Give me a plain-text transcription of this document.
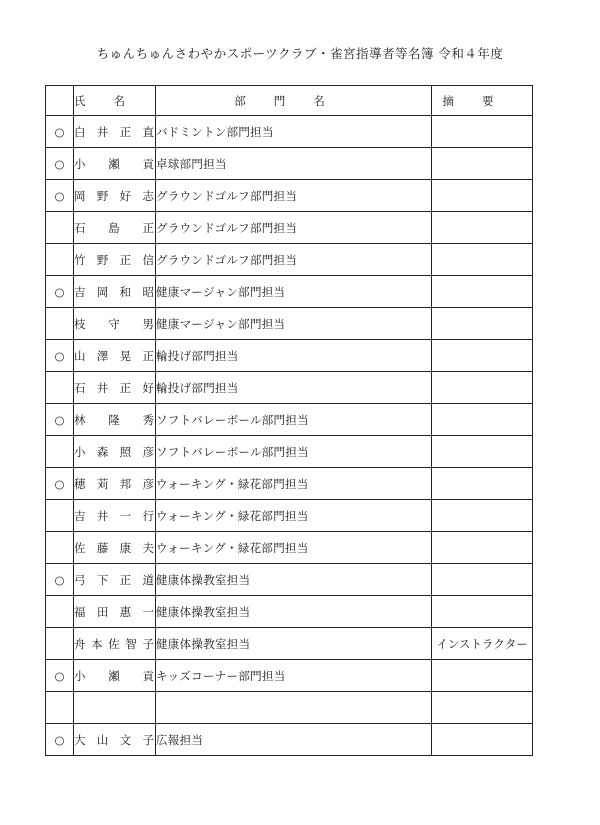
ちゅんちゅんさわやかスポーツクラブ・雀宮指導者等名簿 令和４年度
	氏名	部門名	摘要
○	白井正直	バドミントン部門担当	
○	小瀬貢	卓球部門担当	
○	岡野好志	グラウンドゴルフ部門担当	
	石島正	グラウンドゴルフ部門担当	
	竹野正信	グラウンドゴルフ部門担当	
○	吉岡和昭	健康マージャン部門担当	
	枝守男	健康マージャン部門担当	
○	山澤晃正	輪投げ部門担当	
	石井正好	輪投げ部門担当	
○	林隆秀	ソフトバレーボール部門担当	
	小森照彦	ソフトバレーボール部門担当	
○	穂苅邦彦	ウォーキング・緑花部門担当	
	吉井一行	ウォーキング・緑花部門担当	
	佐藤康夫	ウォーキング・緑花部門担当	
○	弓下正道	健康体操教室担当	
	福田惠一	健康体操教室担当	
	舟本佐智子	健康体操教室担当	インストラクター
○	小瀬貢	キッズコーナー部門担当	

○	大山文子	広報担当	
